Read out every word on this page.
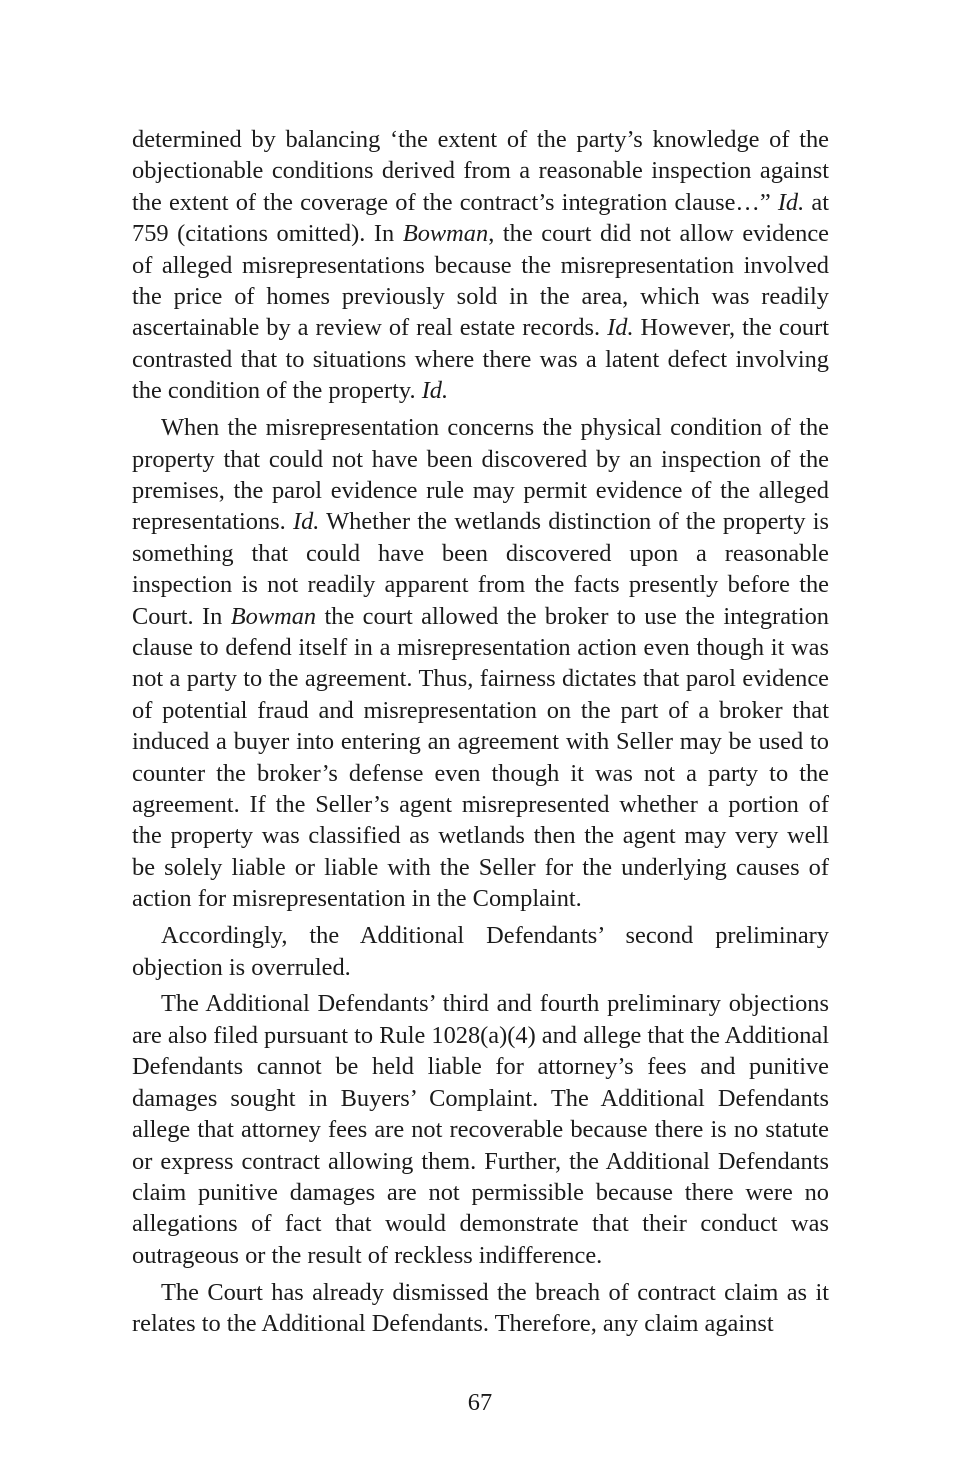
determined by balancing ‘the extent of the party’s knowledge of the objectionable conditions derived from a reasonable inspection against the extent of the coverage of the contract’s integration clause…” Id. at 759 (citations omitted). In Bowman, the court did not allow evidence of alleged misrepresentations because the misrepresentation involved the price of homes previously sold in the area, which was readily ascertainable by a review of real estate records. Id. However, the court contrasted that to situations where there was a latent defect involving the condition of the property. Id.

When the misrepresentation concerns the physical condition of the property that could not have been discovered by an inspection of the premises, the parol evidence rule may permit evidence of the alleged representations. Id. Whether the wetlands distinction of the property is something that could have been discovered upon a reasonable inspection is not readily apparent from the facts presently before the Court. In Bowman the court allowed the broker to use the integration clause to defend itself in a misrepresentation action even though it was not a party to the agreement. Thus, fairness dictates that parol evidence of potential fraud and misrepresentation on the part of a broker that induced a buyer into entering an agreement with Seller may be used to counter the broker’s defense even though it was not a party to the agreement. If the Seller’s agent misrepresented whether a portion of the property was classified as wetlands then the agent may very well be solely liable or liable with the Seller for the underlying causes of action for misrepresentation in the Complaint.

Accordingly, the Additional Defendants’ second preliminary objection is overruled.

The Additional Defendants’ third and fourth preliminary objections are also filed pursuant to Rule 1028(a)(4) and allege that the Additional Defendants cannot be held liable for attorney’s fees and punitive damages sought in Buyers’ Complaint. The Additional Defendants allege that attorney fees are not recoverable because there is no statute or express contract allowing them. Further, the Additional Defendants claim punitive damages are not permissible because there were no allegations of fact that would demonstrate that their conduct was outrageous or the result of reckless indifference.

The Court has already dismissed the breach of contract claim as it relates to the Additional Defendants. Therefore, any claim against

67
